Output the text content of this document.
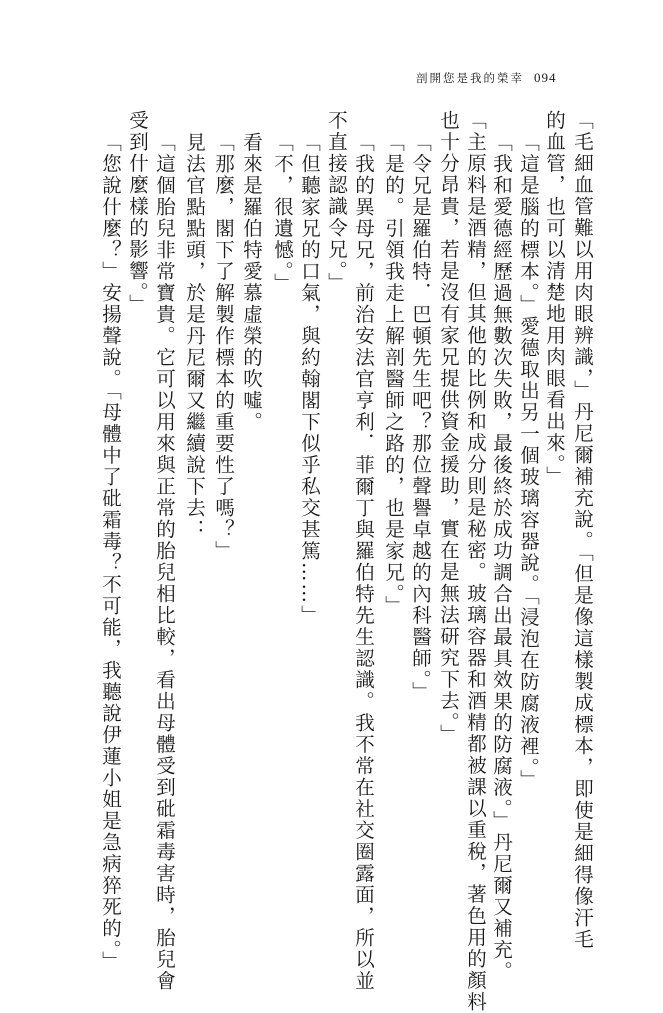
剖開您是我的榮幸 094
「毛細血管難以用肉眼辨識，」丹尼爾補充說。「但是像這樣製成標本，即使是細得像汗毛
的血管，也可以清楚地用肉眼看出來。」
「這是腦的標本。」愛德取出另一個玻璃容器說。「浸泡在防腐液裡。」
「我和愛德經歷過無數次失敗，最後終於成功調合出最具效果的防腐液。」丹尼爾又補充。
「主原料是酒精，但其他的比例和成分則是秘密。玻璃容器和酒精都被課以重稅，著色用的顏料
也十分昂貴，若是沒有家兄提供資金援助，實在是無法研究下去。」
「令兄是羅伯特．巴頓先生吧？那位聲譽卓越的內科醫師。」
「是的。引領我走上解剖醫師之路的，也是家兄。」
「我的異母兄，前治安法官亨利．菲爾丁與羅伯特先生認識。我不常在社交圈露面，所以並
不直接認識令兄。」
「但聽家兄的口氣，與約翰閣下似乎私交甚篤……」
「不，很遺憾。」
看來是羅伯特愛慕虛榮的吹噓。
「那麼，閣下了解製作標本的重要性了嗎？」
見法官點點頭，於是丹尼爾又繼續說下去：
「這個胎兒非常寶貴。它可以用來與正常的胎兒相比較，看出母體受到砒霜毒害時，胎兒會
受到什麼樣的影響。」
「您說什麼？」安揚聲說。「母體中了砒霜毒？不可能，我聽說伊蓮小姐是急病猝死的。」
